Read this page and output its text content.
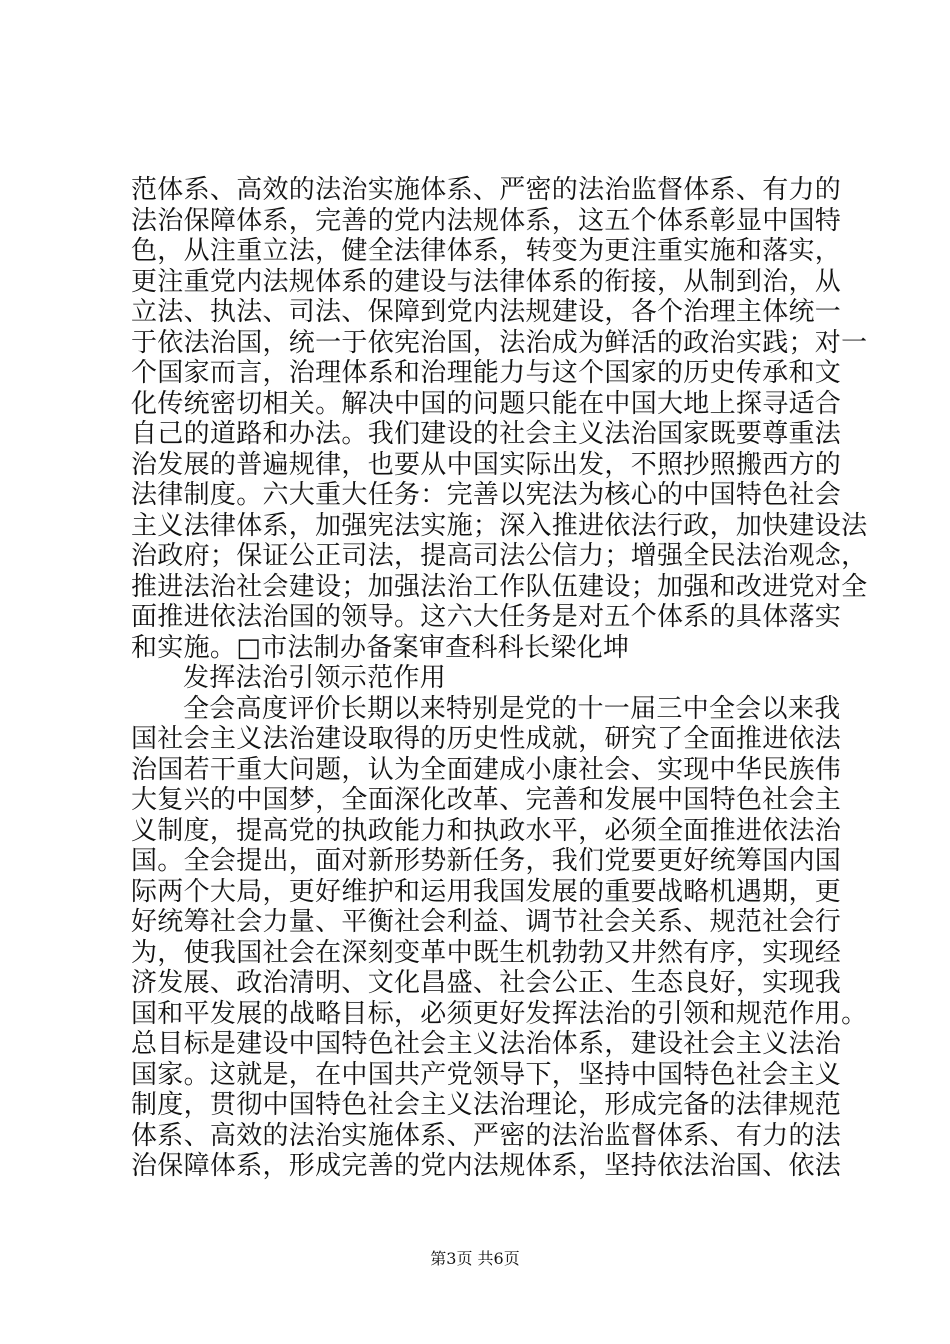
范体系、高效的法治实施体系、严密的法治监督体系、有力的
法治保障体系，完善的党内法规体系，这五个体系彰显中国特
色，从注重立法，健全法律体系，转变为更注重实施和落实，
更注重党内法规体系的建设与法律体系的衔接，从制到治，从
立法、执法、司法、保障到党内法规建设，各个治理主体统一
于依法治国，统一于依宪治国，法治成为鲜活的政治实践；对一
个国家而言，治理体系和治理能力与这个国家的历史传承和文
化传统密切相关。解决中国的问题只能在中国大地上探寻适合
自己的道路和办法。我们建设的社会主义法治国家既要尊重法
治发展的普遍规律，也要从中国实际出发，不照抄照搬西方的
法律制度。六大重大任务：完善以宪法为核心的中国特色社会
主义法律体系，加强宪法实施；深入推进依法行政，加快建设法
治政府；保证公正司法，提高司法公信力；增强全民法治观念，
推进法治社会建设；加强法治工作队伍建设；加强和改进党对全
面推进依法治国的领导。这六大任务是对五个体系的具体落实
和实施。□市法制办备案审查科科长梁化坤
发挥法治引领示范作用
全会高度评价长期以来特别是党的十一届三中全会以来我
国社会主义法治建设取得的历史性成就，研究了全面推进依法
治国若干重大问题，认为全面建成小康社会、实现中华民族伟
大复兴的中国梦，全面深化改革、完善和发展中国特色社会主
义制度，提高党的执政能力和执政水平，必须全面推进依法治
国。全会提出，面对新形势新任务，我们党要更好统筹国内国
际两个大局，更好维护和运用我国发展的重要战略机遇期，更
好统筹社会力量、平衡社会利益、调节社会关系、规范社会行
为，使我国社会在深刻变革中既生机勃勃又井然有序，实现经
济发展、政治清明、文化昌盛、社会公正、生态良好，实现我
国和平发展的战略目标，必须更好发挥法治的引领和规范作用。
总目标是建设中国特色社会主义法治体系，建设社会主义法治
国家。这就是，在中国共产党领导下，坚持中国特色社会主义
制度，贯彻中国特色社会主义法治理论，形成完备的法律规范
体系、高效的法治实施体系、严密的法治监督体系、有力的法
治保障体系，形成完善的党内法规体系，坚持依法治国、依法
第3页 共6页
